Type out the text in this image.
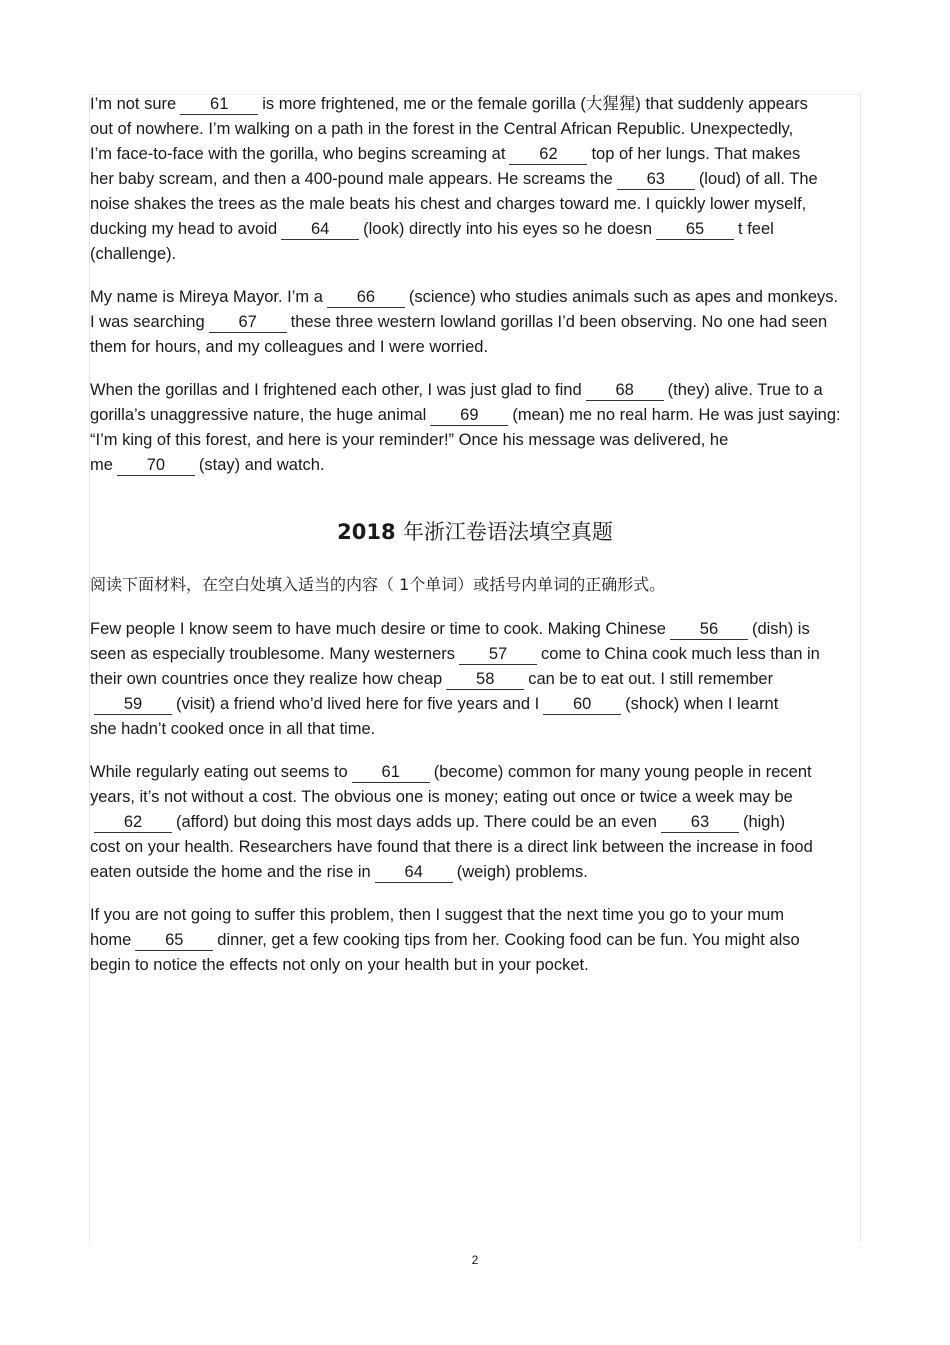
I’m not sure 61 is more frightened, me or the female gorilla (大猩猩) that suddenly appears
out of nowhere. I’m walking on a path in the forest in the Central African Republic. Unexpectedly,
I’m face-to-face with the gorilla, who begins screaming at 62 top of her lungs. That makes
her baby scream, and then a 400-pound male appears. He screams the 63 (loud) of all. The
noise shakes the trees as the male beats his chest and charges toward me. I quickly lower myself,
ducking my head to avoid 64 (look) directly into his eyes so he doesn 65 t feel
(challenge).
My name is Mireya Mayor. I’m a 66 (science) who studies animals such as apes and monkeys.
I was searching 67 these three western lowland gorillas I’d been observing. No one had seen
them for hours, and my colleagues and I were worried.
When the gorillas and I frightened each other, I was just glad to find 68 (they) alive. True to a
gorilla’s unaggressive nature, the huge animal 69 (mean) me no real harm. He was just saying:
“I’m king of this forest, and here is your reminder!” Once his message was delivered, he
me 70 (stay) and watch.
2018 年浙江卷语法填空真题
阅读下面材料，在空白处填入适当的内容（ 1个单词）或括号内单词的正确形式。
Few people I know seem to have much desire or time to cook. Making Chinese 56 (dish) is
seen as especially troublesome. Many westerners 57 come to China cook much less than in
their own countries once they realize how cheap 58 can be to eat out. I still remember
59 (visit) a friend who’d lived here for five years and I 60 (shock) when I learnt
she hadn’t cooked once in all that time.
While regularly eating out seems to 61 (become) common for many young people in recent
years, it’s not without a cost. The obvious one is money; eating out once or twice a week may be
62 (afford) but doing this most days adds up. There could be an even 63 (high)
cost on your health. Researchers have found that there is a direct link between the increase in food
eaten outside the home and the rise in 64 (weigh) problems.
If you are not going to suffer this problem, then I suggest that the next time you go to your mum
home 65 dinner, get a few cooking tips from her. Cooking food can be fun. You might also
begin to notice the effects not only on your health but in your pocket.
2
